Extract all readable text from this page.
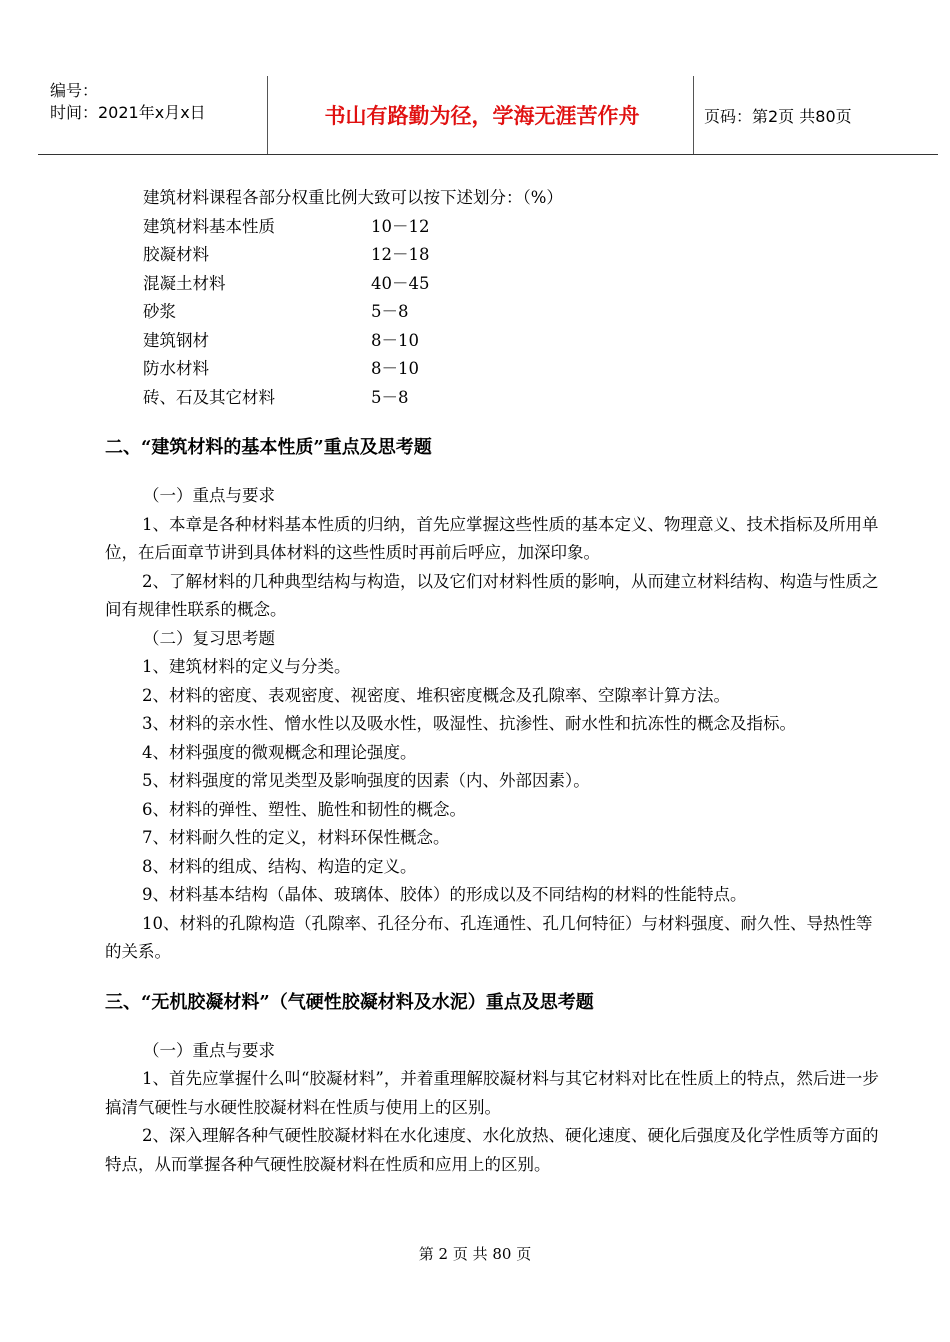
编号：
时间：2021年x月x日	书山有路勤为径，学海无涯苦作舟	页码：第2页 共80页

建筑材料课程各部分权重比例大致可以按下述划分：（%）

建筑材料基本性质	10－12
胶凝材料	12－18
混凝土材料	40－45
砂浆	5－8
建筑钢材	8－10
防水材料	8－10
砖、石及其它材料	5－8
二、“建筑材料的基本性质”重点及思考题

（一）重点与要求

1、本章是各种材料基本性质的归纳，首先应掌握这些性质的基本定义、物理意义、技术指标及所用单位，在后面章节讲到具体材料的这些性质时再前后呼应，加深印象。

2、了解材料的几种典型结构与构造，以及它们对材料性质的影响，从而建立材料结构、构造与性质之间有规律性联系的概念。

（二）复习思考题

1、建筑材料的定义与分类。

2、材料的密度、表观密度、视密度、堆积密度概念及孔隙率、空隙率计算方法。

3、材料的亲水性、憎水性以及吸水性，吸湿性、抗渗性、耐水性和抗冻性的概念及指标。

4、材料强度的微观概念和理论强度。

5、材料强度的常见类型及影响强度的因素（内、外部因素）。

6、材料的弹性、塑性、脆性和韧性的概念。

7、材料耐久性的定义，材料环保性概念。

8、材料的组成、结构、构造的定义。

9、材料基本结构（晶体、玻璃体、胶体）的形成以及不同结构的材料的性能特点。

10、材料的孔隙构造（孔隙率、孔径分布、孔连通性、孔几何特征）与材料强度、耐久性、导热性等的关系。

三、“无机胶凝材料”（气硬性胶凝材料及水泥）重点及思考题

（一）重点与要求

1、首先应掌握什么叫“胶凝材料”，并着重理解胶凝材料与其它材料对比在性质上的特点，然后进一步搞清气硬性与水硬性胶凝材料在性质与使用上的区别。

2、深入理解各种气硬性胶凝材料在水化速度、水化放热、硬化速度、硬化后强度及化学性质等方面的特点，从而掌握各种气硬性胶凝材料在性质和应用上的区别。

第 2 页 共 80 页
